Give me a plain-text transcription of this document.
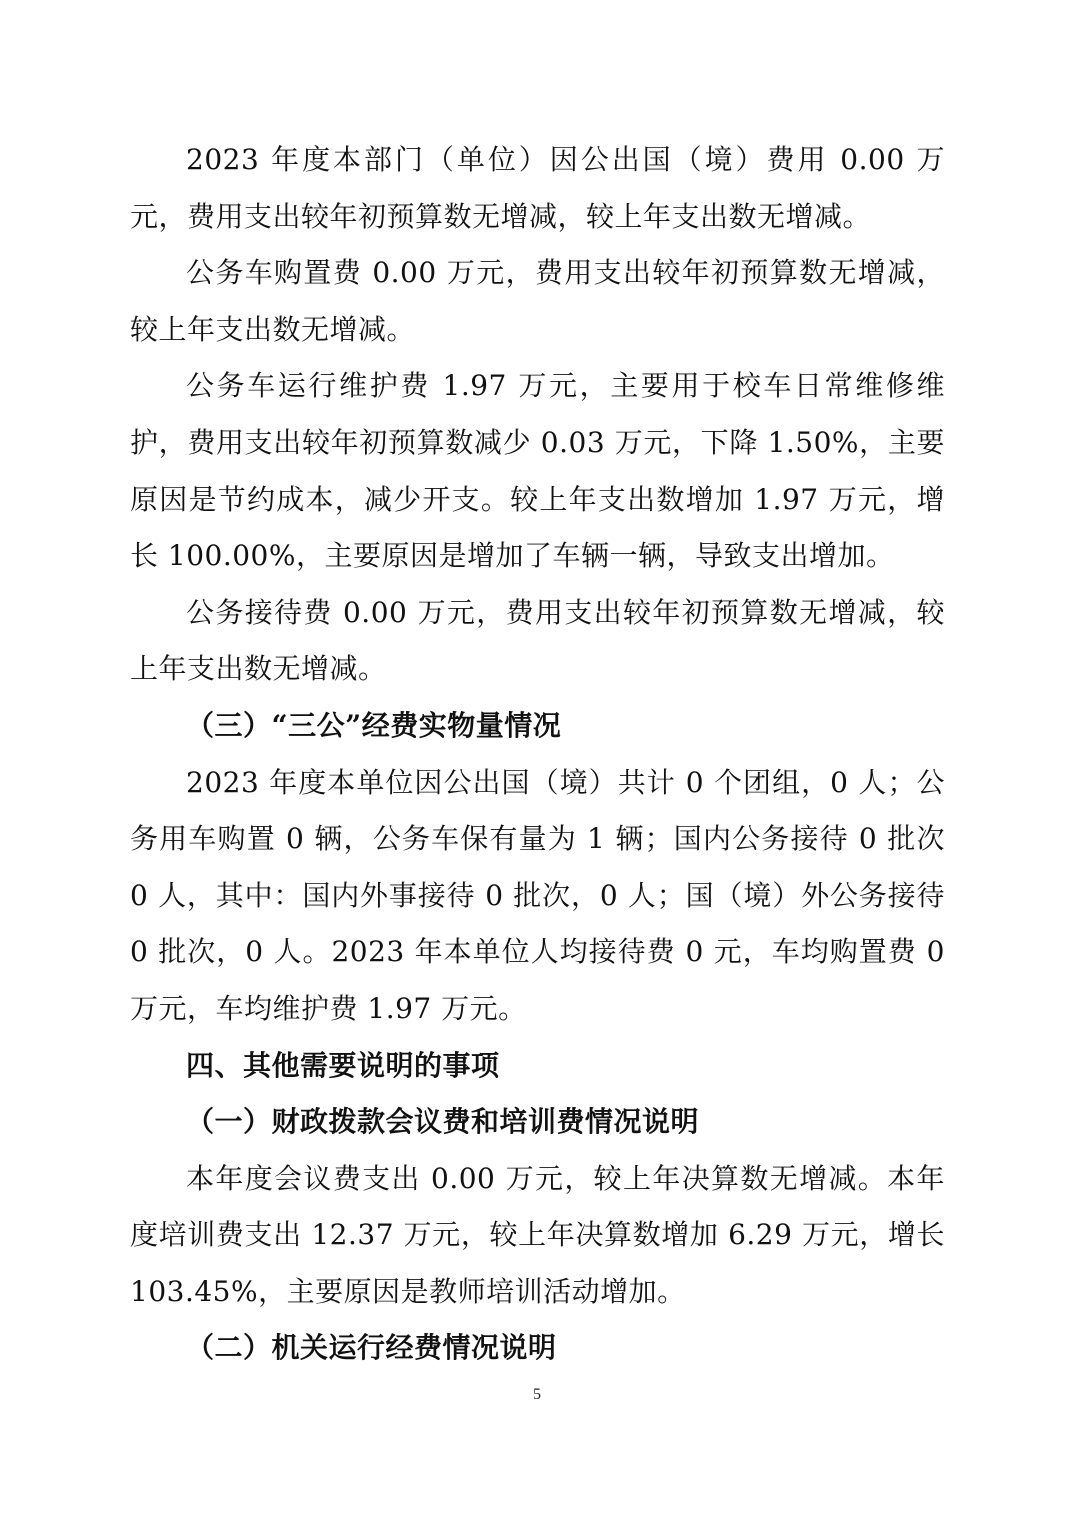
2023 年度本部门（单位）因公出国（境）费用 0.00 万元，费用支出较年初预算数无增减，较上年支出数无增减。

公务车购置费 0.00 万元，费用支出较年初预算数无增减，较上年支出数无增减。

公务车运行维护费 1.97 万元，主要用于校车日常维修维护，费用支出较年初预算数减少 0.03 万元，下降 1.50%，主要原因是节约成本，减少开支。较上年支出数增加 1.97 万元，增长 100.00%，主要原因是增加了车辆一辆，导致支出增加。

公务接待费 0.00 万元，费用支出较年初预算数无增减，较上年支出数无增减。

（三）“三公”经费实物量情况

2023 年度本单位因公出国（境）共计 0 个团组，0 人；公务用车购置 0 辆，公务车保有量为 1 辆；国内公务接待 0 批次 0 人，其中：国内外事接待 0 批次，0 人；国（境）外公务接待 0 批次，0 人。2023 年本单位人均接待费 0 元，车均购置费 0 万元，车均维护费 1.97 万元。

四、其他需要说明的事项
（一）财政拨款会议费和培训费情况说明

本年度会议费支出 0.00 万元，较上年决算数无增减。本年度培训费支出 12.37 万元，较上年决算数增加 6.29 万元，增长 103.45%，主要原因是教师培训活动增加。

（二）机关运行经费情况说明
5
